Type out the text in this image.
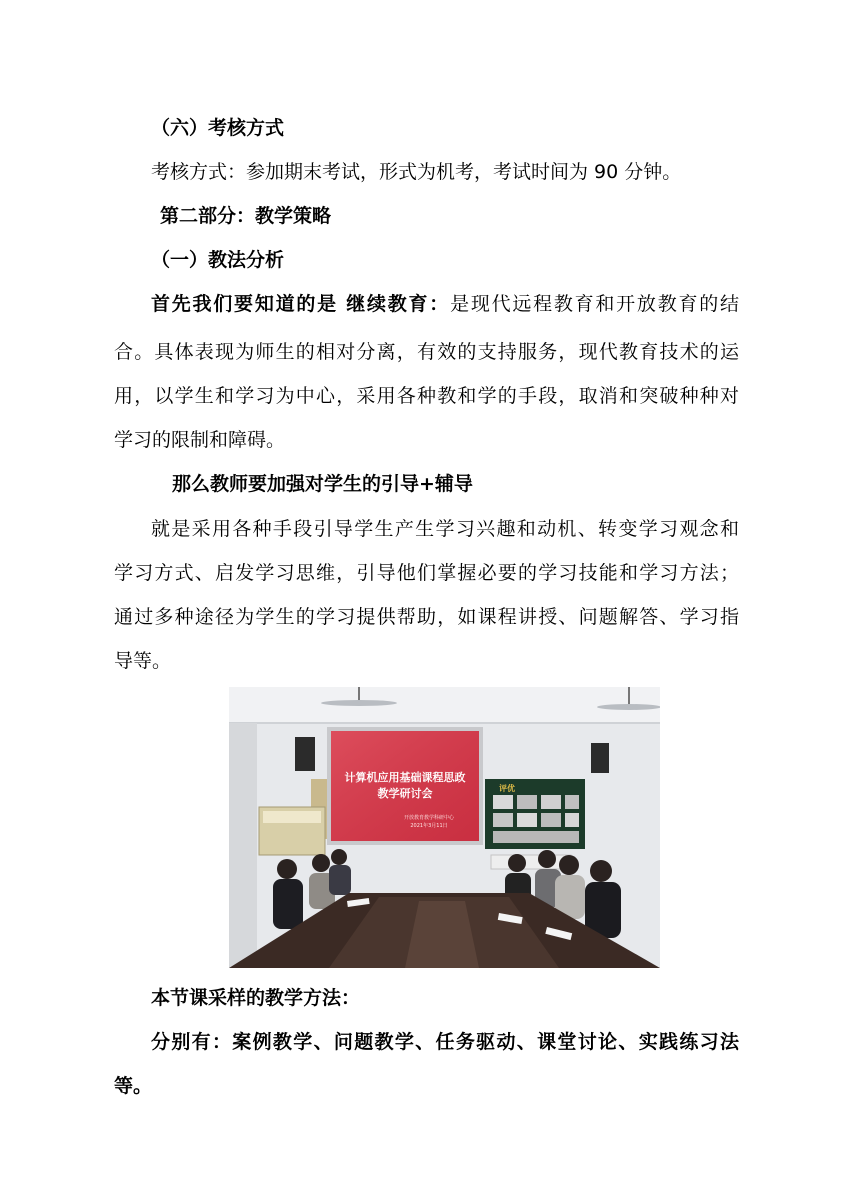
（六）考核方式
考核方式：参加期末考试，形式为机考，考试时间为 90 分钟。
第二部分：教学策略
（一）教法分析
首先我们要知道的是 继续教育：是现代远程教育和开放教育的结
合。具体表现为师生的相对分离，有效的支持服务，现代教育技术的运
用，以学生和学习为中心，采用各种教和学的手段，取消和突破种种对
学习的限制和障碍。
那么教师要加强对学生的引导+辅导
就是采用各种手段引导学生产生学习兴趣和动机、转变学习观念和
学习方式、启发学习思维，引导他们掌握必要的学习技能和学习方法；
通过多种途径为学生的学习提供帮助，如课程讲授、问题解答、学习指
导等。
计算机应用基础课程思政
教学研讨会
开放教育教学科研中心
2021年3月11日
评优
本节课采样的教学方法：
分别有：案例教学、问题教学、任务驱动、课堂讨论、实践练习法
等。
